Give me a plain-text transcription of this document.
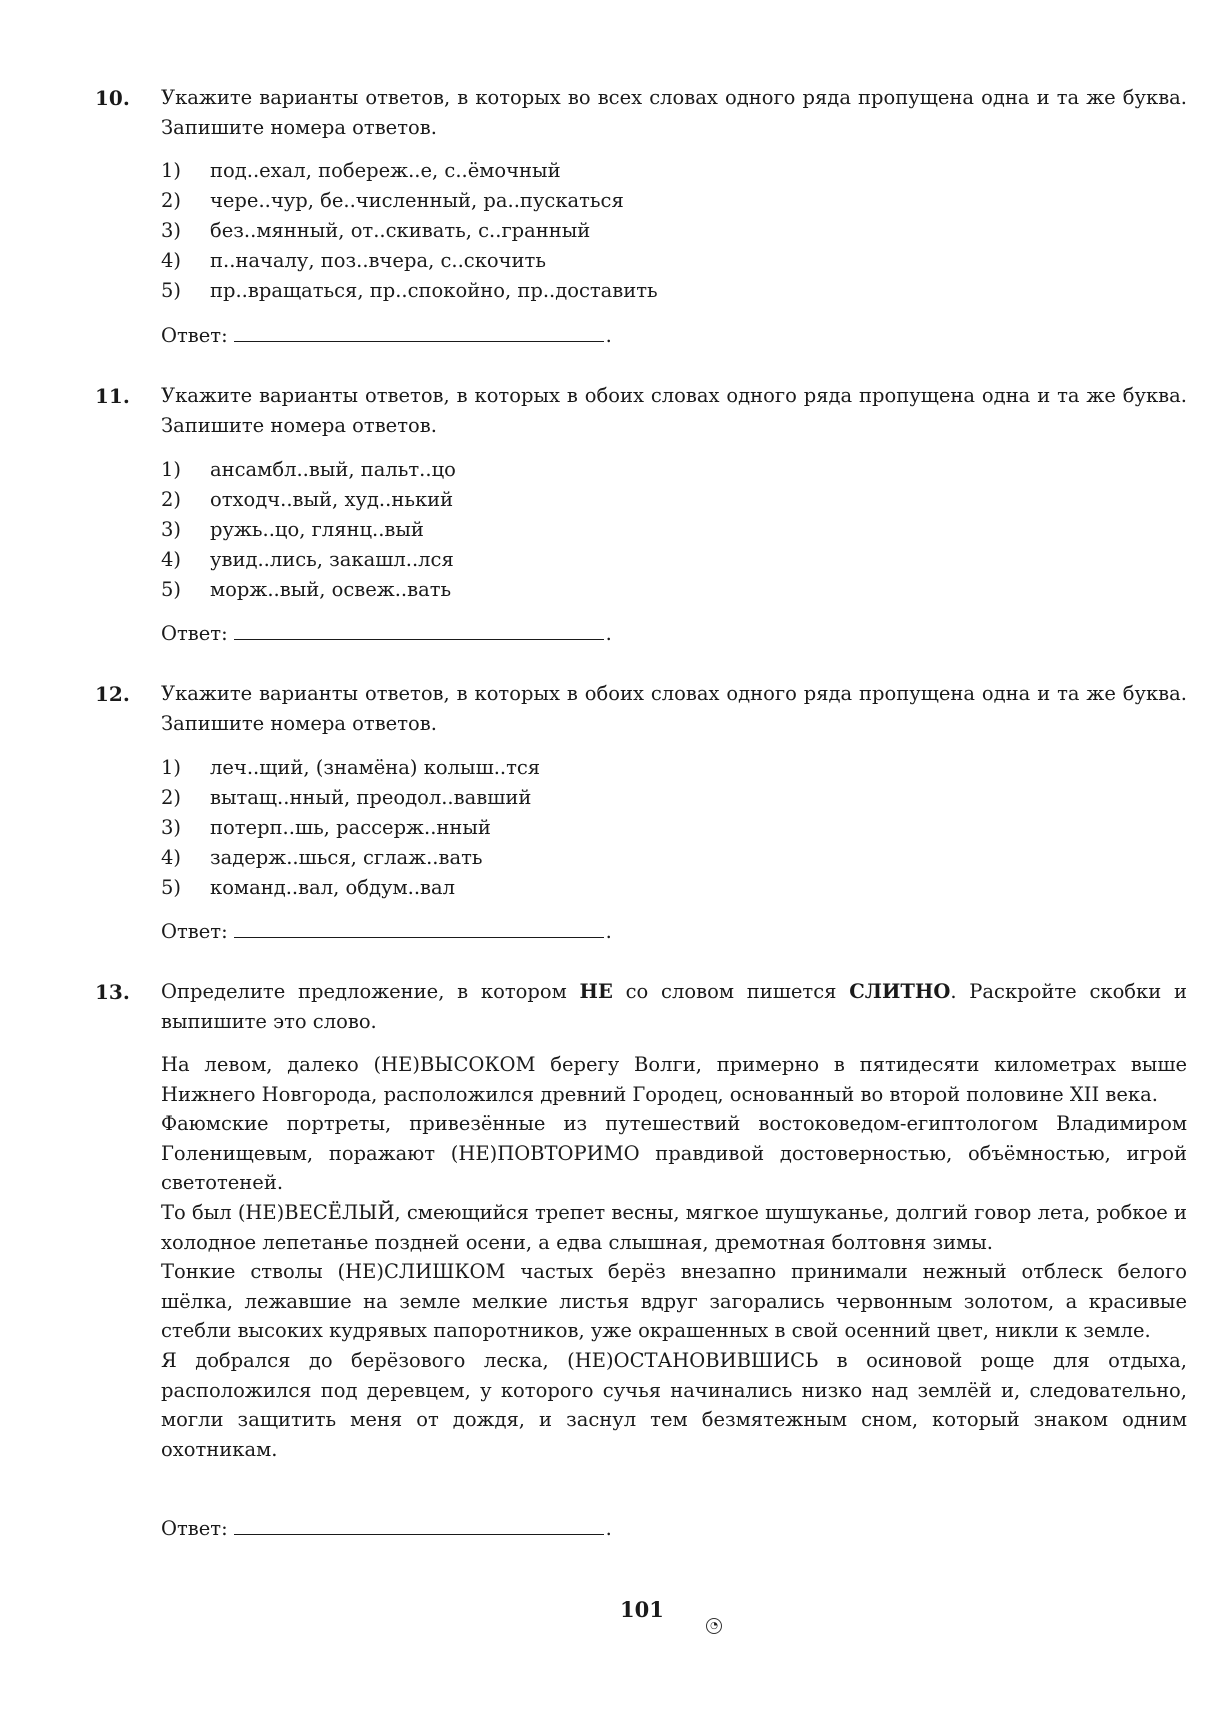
10. Укажите варианты ответов, в которых во всех словах одного ряда пропущена одна и та же буква. Запишите номера ответов.
1) под..ехал, побереж..е, с..ёмочный
2) чере..чур, бе..численный, ра..пускаться
3) без..мянный, от..скивать, с..гранный
4) п..началу, поз..вчера, с..скочить
5) пр..вращаться, пр..спокойно, пр..доставить
Ответ:	.
11. Укажите варианты ответов, в которых в обоих словах одного ряда пропущена одна и та же буква. Запишите номера ответов.
1) ансамбл..вый, пальт..цо
2) отходч..вый, худ..нький
3) ружь..цо, глянц..вый
4) увид..лись, закашл..лся
5) морж..вый, освеж..вать
Ответ:	.
12. Укажите варианты ответов, в которых в обоих словах одного ряда пропущена одна и та же буква. Запишите номера ответов.
1) леч..щий, (знамёна) колыш..тся
2) вытащ..нный, преодол..вавший
3) потерп..шь, рассерж..нный
4) задерж..шься, сглаж..вать
5) команд..вал, обдум..вал
Ответ:	.
13. Определите предложение, в котором НЕ со словом пишется СЛИТНО. Раскройте скобки и выпишите это слово.

На левом, далеко (НЕ)ВЫСОКОМ берегу Волги, примерно в пятидесяти километрах выше Нижнего Новгорода, расположился древний Городец, основанный во второй половине XII века.

Фаюмские портреты, привезённые из путешествий востоковедом-египтологом Владимиром Голенищевым, поражают (НЕ)ПОВТОРИМО правдивой достоверностью, объёмностью, игрой светотеней.

То был (НЕ)ВЕСЁЛЫЙ, смеющийся трепет весны, мягкое шушуканье, долгий говор лета, робкое и холодное лепетанье поздней осени, а едва слышная, дремотная болтовня зимы.

Тонкие стволы (НЕ)СЛИШКОМ частых берёз внезапно принимали нежный отблеск белого шёлка, лежавшие на земле мелкие листья вдруг загорались червонным золотом, а красивые стебли высоких кудрявых папоротников, уже окрашенных в свой осенний цвет, никли к земле.

Я добрался до берёзового леска, (НЕ)ОСТАНОВИВШИСЬ в осиновой роще для отдыха, расположился под деревцем, у которого сучья начинались низко над землёй и, следовательно, могли защитить меня от дождя, и заснул тем безмятежным сном, который знаком одним охотникам.

Ответ:	.
101
◔
